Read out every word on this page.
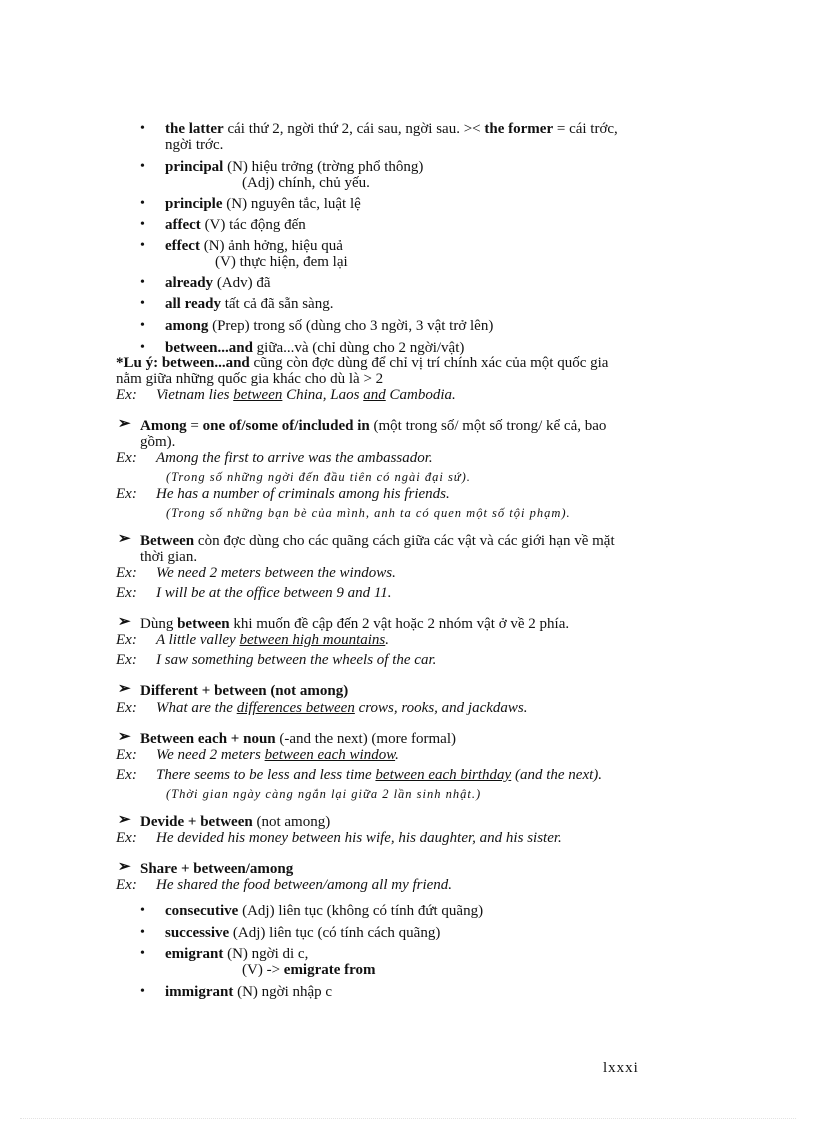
• the latter cái thứ 2, ngời thứ 2, cái sau, ngời sau. >< the former = cái trớc,
ngời trớc.
• principal (N) hiệu trởng (trờng phổ thông)
(Adj) chính, chủ yếu.
• principle (N) nguyên tắc, luật lệ
• affect (V) tác động đến
• effect (N) ảnh hởng, hiệu quả
(V) thực hiện, đem lại
• already (Adv) đã
• all ready tất cả đã sẵn sàng.
• among (Prep) trong số (dùng cho 3 ngời, 3 vật trở lên)
• between...and giữa...và (chỉ dùng cho 2 ngời/vật)
*Lu ý: between...and cũng còn đợc dùng để chỉ vị trí chính xác của một quốc gia
nằm giữa những quốc gia khác cho dù là > 2
Ex: Vietnam lies between China, Laos and Cambodia.
➢ Among = one of/some of/included in (một trong số/ một số trong/ kể cả, bao
gồm).
Ex: Among the first to arrive was the ambassador.
(Trong số những ngời đến đầu tiên có ngài đại sứ).
Ex: He has a number of criminals among his friends.
(Trong số những bạn bè của mình, anh ta có quen một số tội phạm).
➢ Between còn đợc dùng cho các quãng cách giữa các vật và các giới hạn về mặt
thời gian.
Ex: We need 2 meters between the windows.
Ex: I will be at the office between 9 and 11.
➢ Dùng between khi muốn đề cập đến 2 vật hoặc 2 nhóm vật ở về 2 phía.
Ex: A little valley between high mountains.
Ex: I saw something between the wheels of the car.
➢ Different + between (not among)
Ex: What are the differences between crows, rooks, and jackdaws.
➢ Between each + noun (-and the next) (more formal)
Ex: We need 2 meters between each window.
Ex: There seems to be less and less time between each birthday (and the next).
(Thời gian ngày càng ngắn lại giữa 2 lần sinh nhật.)
➢ Devide + between (not among)
Ex: He devided his money between his wife, his daughter, and his sister.
➢ Share + between/among
Ex: He shared the food between/among all my friend.
• consecutive (Adj) liên tục (không có tính đứt quãng)
• successive (Adj) liên tục (có tính cách quãng)
• emigrant (N) ngời di c,
(V) -> emigrate from
• immigrant (N) ngời nhập c
lxxxi
